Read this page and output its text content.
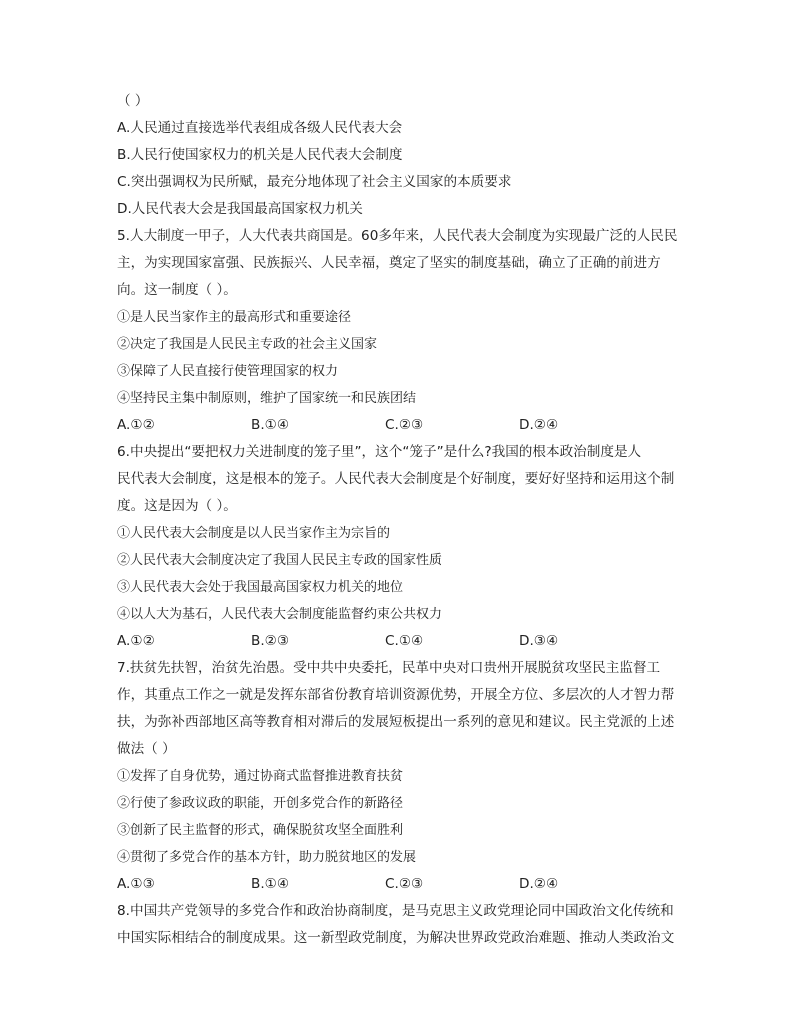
（ ）
A.人民通过直接选举代表组成各级人民代表大会
B.人民行使国家权力的机关是人民代表大会制度
C.突出强调权为民所赋，最充分地体现了社会主义国家的本质要求
D.人民代表大会是我国最高国家权力机关
5.人大制度一甲子，人大代表共商国是。60多年来，人民代表大会制度为实现最广泛的人民民
主，为实现国家富强、民族振兴、人民幸福，奠定了坚实的制度基础，确立了正确的前进方
向。这一制度（ ）。
①是人民当家作主的最高形式和重要途径
②决定了我国是人民民主专政的社会主义国家
③保障了人民直接行使管理国家的权力
④坚持民主集中制原则，维护了国家统一和民族团结
A.①②	B.①④	C.②③	D.②④
6.中央提出“要把权力关进制度的笼子里”，这个“笼子”是什么?我国的根本政治制度是人
民代表大会制度，这是根本的笼子。人民代表大会制度是个好制度，要好好坚持和运用这个制
度。这是因为（ ）。
①人民代表大会制度是以人民当家作主为宗旨的
②人民代表大会制度决定了我国人民民主专政的国家性质
③人民代表大会处于我国最高国家权力机关的地位
④以人大为基石，人民代表大会制度能监督约束公共权力
A.①②	B.②③	C.①④	D.③④
7.扶贫先扶智，治贫先治愚。受中共中央委托，民革中央对口贵州开展脱贫攻坚民主监督工
作，其重点工作之一就是发挥东部省份教育培训资源优势，开展全方位、多层次的人才智力帮
扶，为弥补西部地区高等教育相对滞后的发展短板提出一系列的意见和建议。民主党派的上述
做法（ ）
①发挥了自身优势，通过协商式监督推进教育扶贫
②行使了参政议政的职能，开创多党合作的新路径
③创新了民主监督的形式，确保脱贫攻坚全面胜利
④贯彻了多党合作的基本方针，助力脱贫地区的发展
A.①③	B.①④	C.②③	D.②④
8.中国共产党领导的多党合作和政治协商制度，是马克思主义政党理论同中国政治文化传统和
中国实际相结合的制度成果。这一新型政党制度，为解决世界政党政治难题、推动人类政治文
